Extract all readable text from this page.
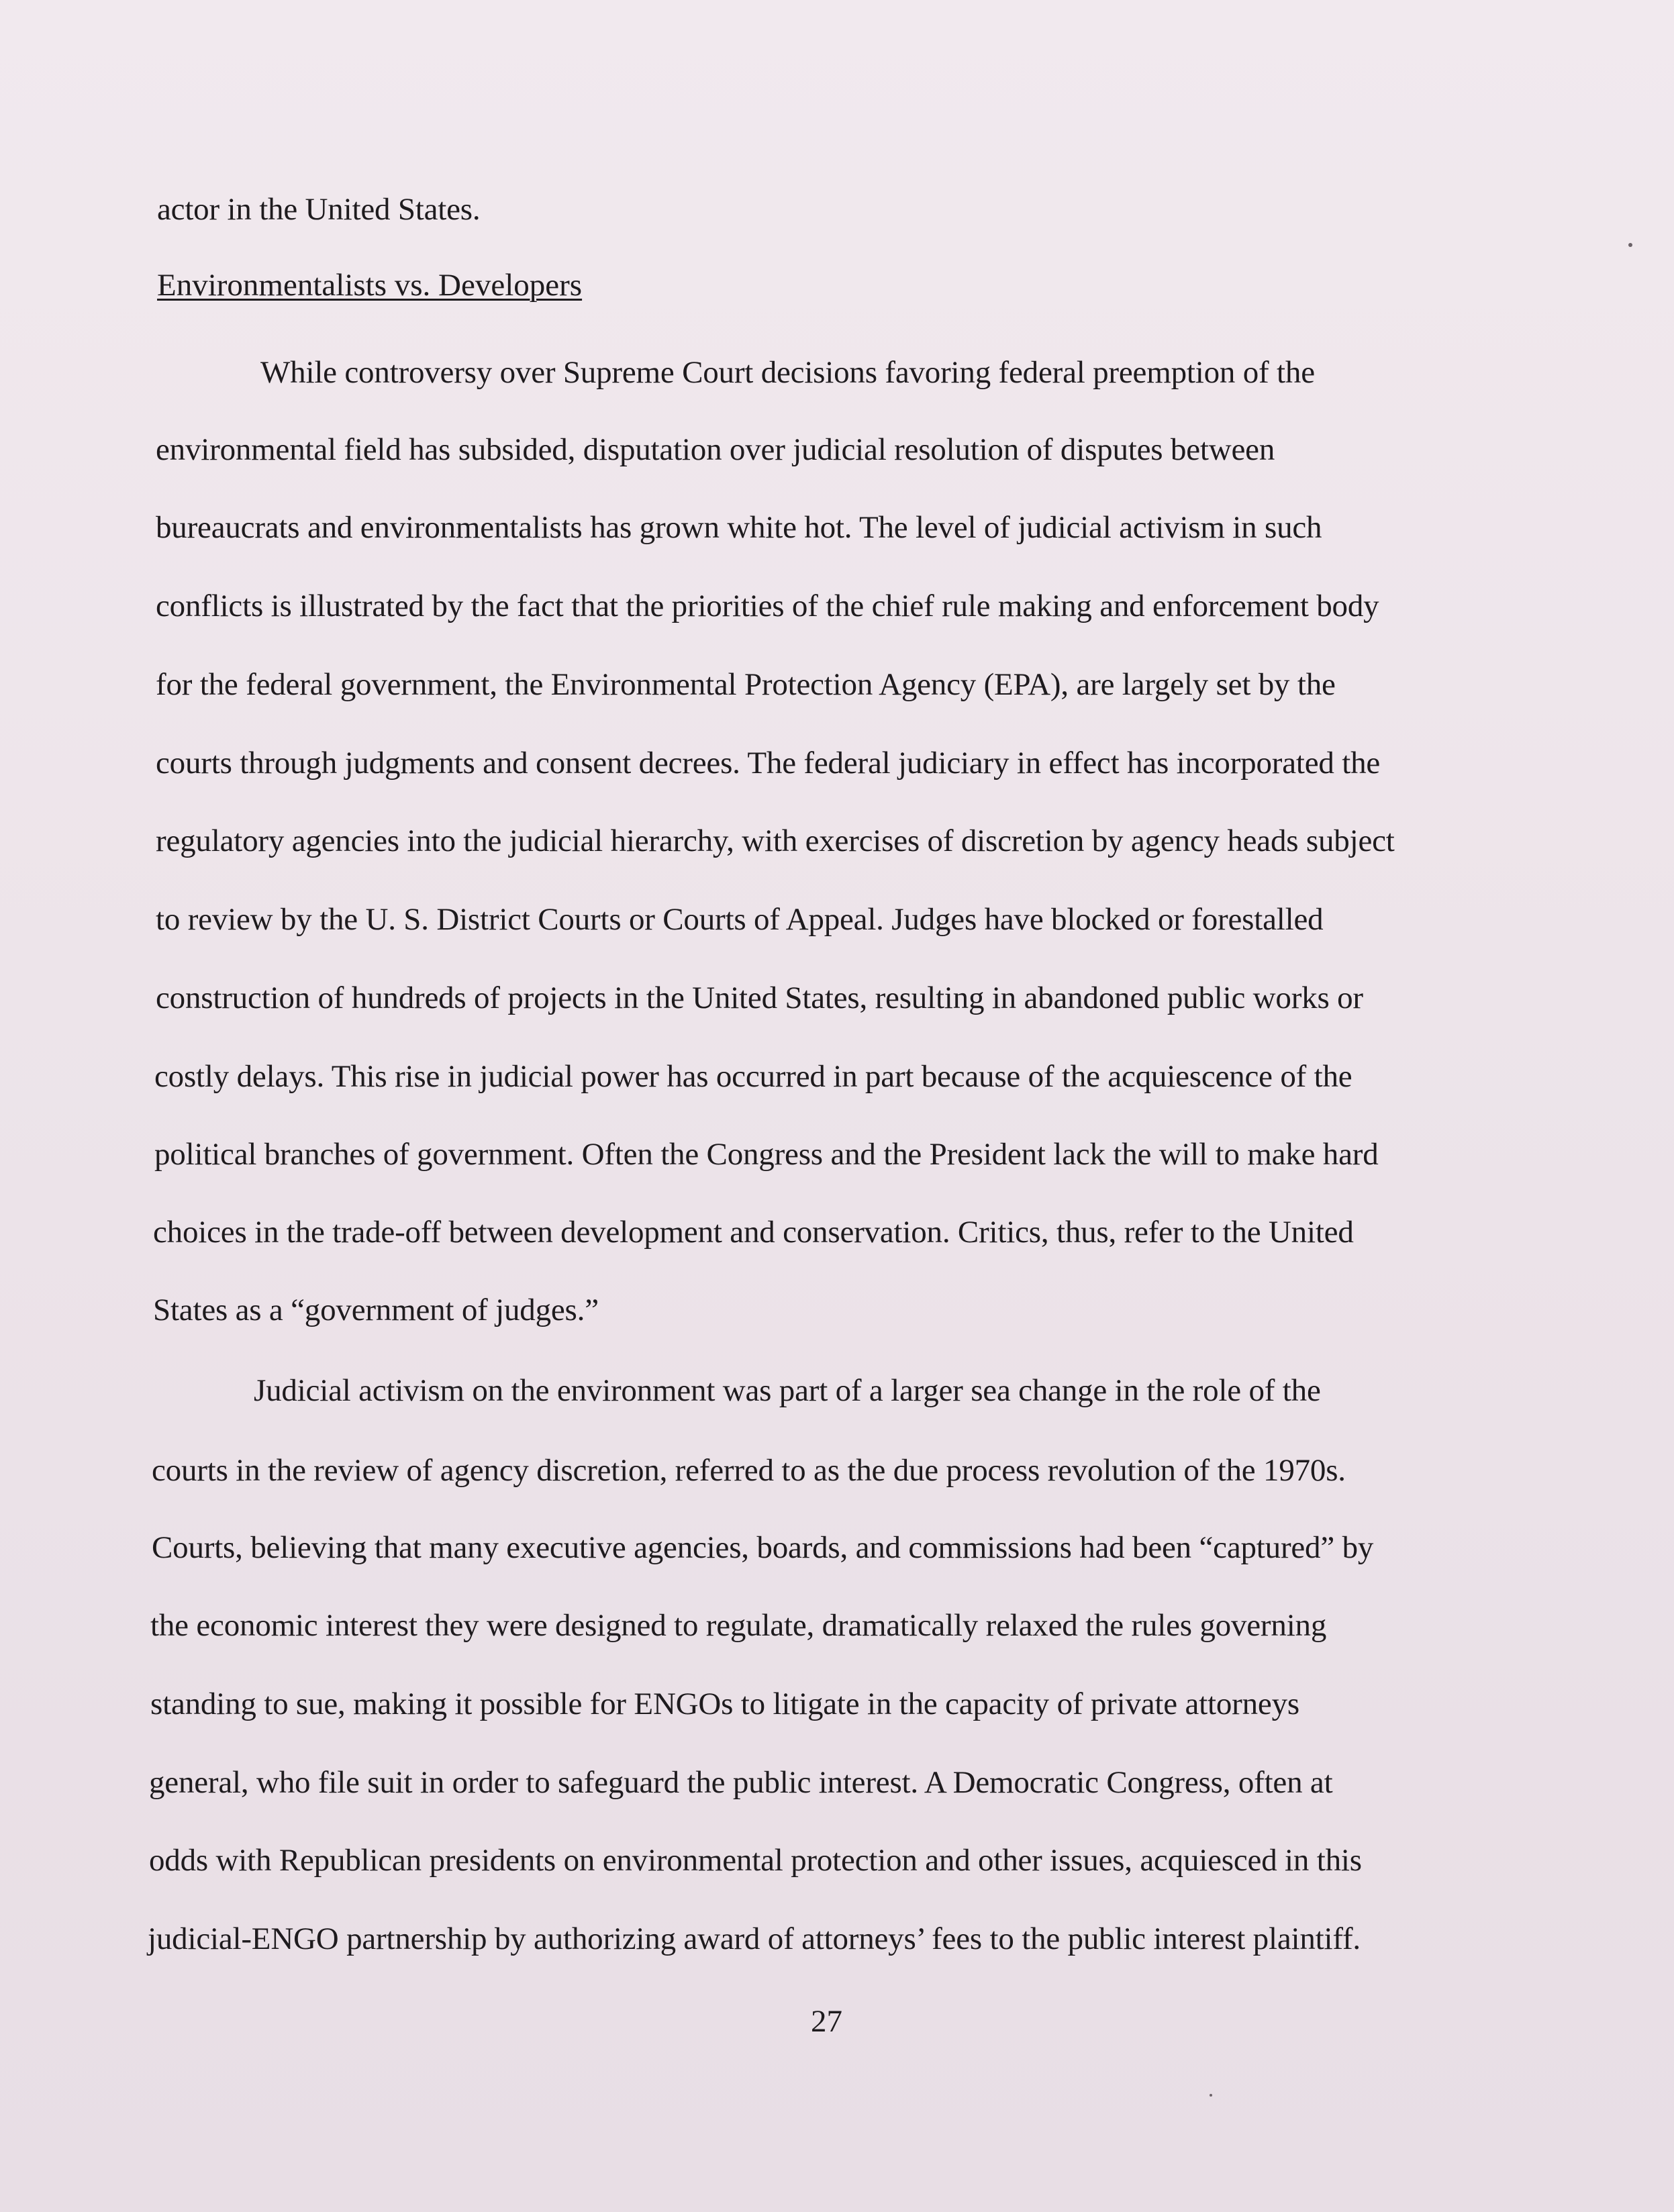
actor in the United States.
Environmentalists vs. Developers
While controversy over Supreme Court decisions favoring federal preemption of the
environmental field has subsided, disputation over judicial resolution of disputes between
bureaucrats and environmentalists has grown white hot. The level of judicial activism in such
conflicts is illustrated by the fact that the priorities of the chief rule making and enforcement body
for the federal government, the Environmental Protection Agency (EPA), are largely set by the
courts through judgments and consent decrees. The federal judiciary in effect has incorporated the
regulatory agencies into the judicial hierarchy, with exercises of discretion by agency heads subject
to review by the U. S. District Courts or Courts of Appeal. Judges have blocked or forestalled
construction of hundreds of projects in the United States, resulting in abandoned public works or
costly delays. This rise in judicial power has occurred in part because of the acquiescence of the
political branches of government. Often the Congress and the President lack the will to make hard
choices in the trade-off between development and conservation. Critics, thus, refer to the United
States as a “government of judges.”
Judicial activism on the environment was part of a larger sea change in the role of the
courts in the review of agency discretion, referred to as the due process revolution of the 1970s.
Courts, believing that many executive agencies, boards, and commissions had been “captured” by
the economic interest they were designed to regulate, dramatically relaxed the rules governing
standing to sue, making it possible for ENGOs to litigate in the capacity of private attorneys
general, who file suit in order to safeguard the public interest. A Democratic Congress, often at
odds with Republican presidents on environmental protection and other issues, acquiesced in this
judicial-ENGO partnership by authorizing award of attorneys’ fees to the public interest plaintiff.
27
